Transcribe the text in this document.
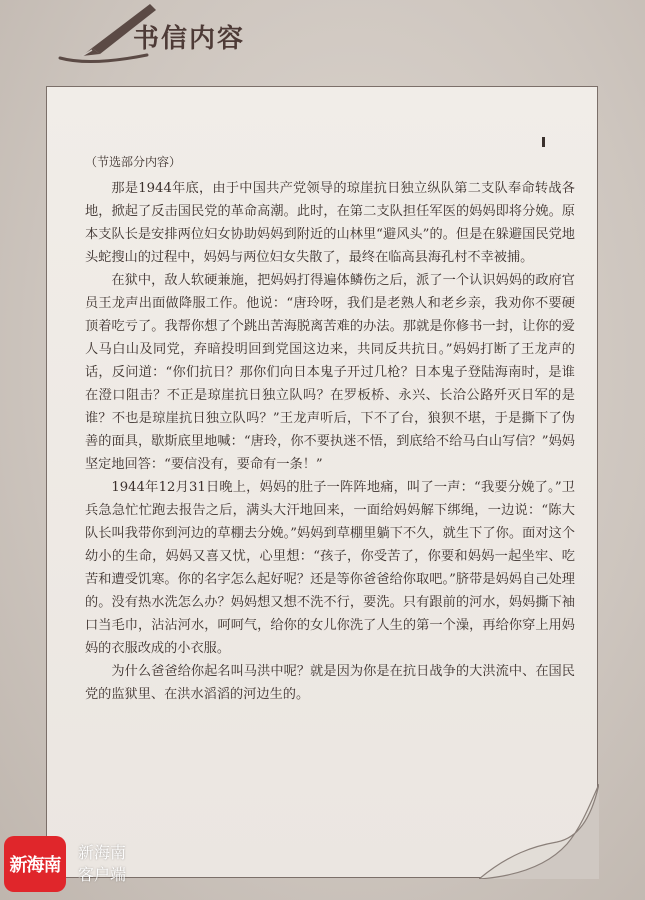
书信内容

（节选部分内容）

那是1944年底，由于中国共产党领导的琼崖抗日独立纵队第二支队奉命转战各地，掀起了反击国民党的革命高潮。此时，在第二支队担任军医的妈妈即将分娩。原本支队长是安排两位妇女协助妈妈到附近的山林里“避风头”的。但是在躲避国民党地头蛇搜山的过程中，妈妈与两位妇女失散了，最终在临高县海孔村不幸被捕。

在狱中，敌人软硬兼施，把妈妈打得遍体鳞伤之后，派了一个认识妈妈的政府官员王龙声出面做降服工作。他说：“唐玲呀，我们是老熟人和老乡亲，我劝你不要硬顶着吃亏了。我帮你想了个跳出苦海脱离苦难的办法。那就是你修书一封，让你的爱人马白山及同党，弃暗投明回到党国这边来，共同反共抗日。”妈妈打断了王龙声的话，反问道：“你们抗日？那你们向日本鬼子开过几枪？日本鬼子登陆海南时，是谁在澄口阻击？不正是琼崖抗日独立队吗？在罗板桥、永兴、长洽公路歼灭日军的是谁？不也是琼崖抗日独立队吗？”王龙声听后，下不了台，狼狈不堪，于是撕下了伪善的面具，歇斯底里地喊：“唐玲，你不要执迷不悟，到底给不给马白山写信？”妈妈坚定地回答：“要信没有，要命有一条！”

1944年12月31日晚上，妈妈的肚子一阵阵地痛，叫了一声：“我要分娩了。”卫兵急急忙忙跑去报告之后，满头大汗地回来，一面给妈妈解下绑绳，一边说：“陈大队长叫我带你到河边的草棚去分娩。”妈妈到草棚里躺下不久，就生下了你。面对这个幼小的生命，妈妈又喜又忧，心里想：“孩子，你受苦了，你要和妈妈一起坐牢、吃苦和遭受饥寒。你的名字怎么起好呢？还是等你爸爸给你取吧。”脐带是妈妈自己处理的。没有热水洗怎么办？妈妈想又想不洗不行，要洗。只有跟前的河水，妈妈撕下袖口当毛巾，沾沾河水，呵呵气，给你的女儿你洗了人生的第一个澡，再给你穿上用妈妈的衣服改成的小衣服。

为什么爸爸给你起名叫马洪中呢？就是因为你是在抗日战争的大洪流中、在国民党的监狱里、在洪水滔滔的河边生的。

新海南
新海南
客户端
